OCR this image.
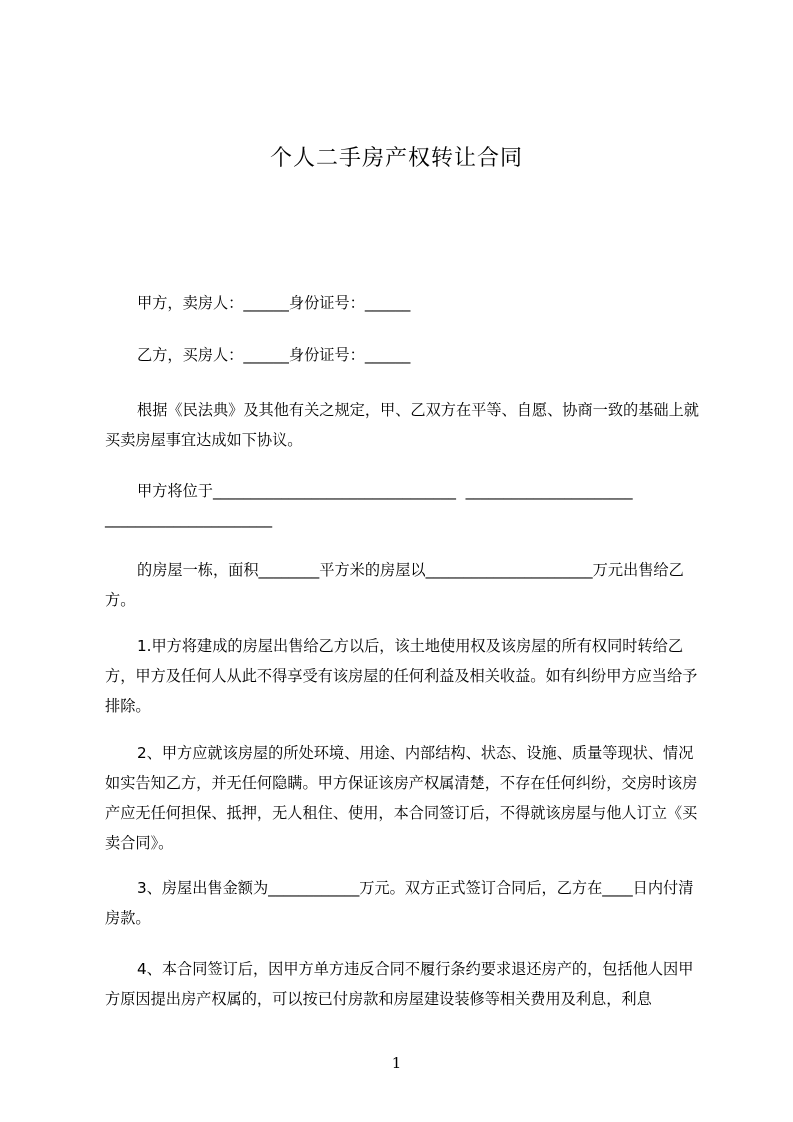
个人二手房产权转让合同

甲方，卖房人：______身份证号：______

乙方，买房人：______身份证号：______

根据《民法典》及其他有关之规定，甲、乙双方在平等、自愿、协商一致的基础上就买卖房屋事宜达成如下协议。

甲方将位于________________________________  ______________________

______________________

的房屋一栋，面积________平方米的房屋以______________________万元出售给乙方。

1.甲方将建成的房屋出售给乙方以后，该土地使用权及该房屋的所有权同时转给乙方，甲方及任何人从此不得享受有该房屋的任何利益及相关收益。如有纠纷甲方应当给予排除。

2、甲方应就该房屋的所处环境、用途、内部结构、状态、设施、质量等现状、情况如实告知乙方，并无任何隐瞒。甲方保证该房产权属清楚，不存在任何纠纷，交房时该房产应无任何担保、抵押，无人租住、使用，本合同签订后，不得就该房屋与他人订立《买卖合同》。

3、房屋出售金额为____________万元。双方正式签订合同后，乙方在____日内付清房款。

4、本合同签订后，因甲方单方违反合同不履行条约要求退还房产的，包括他人因甲方原因提出房产权属的，可以按已付房款和房屋建设装修等相关费用及利息，利息

1
